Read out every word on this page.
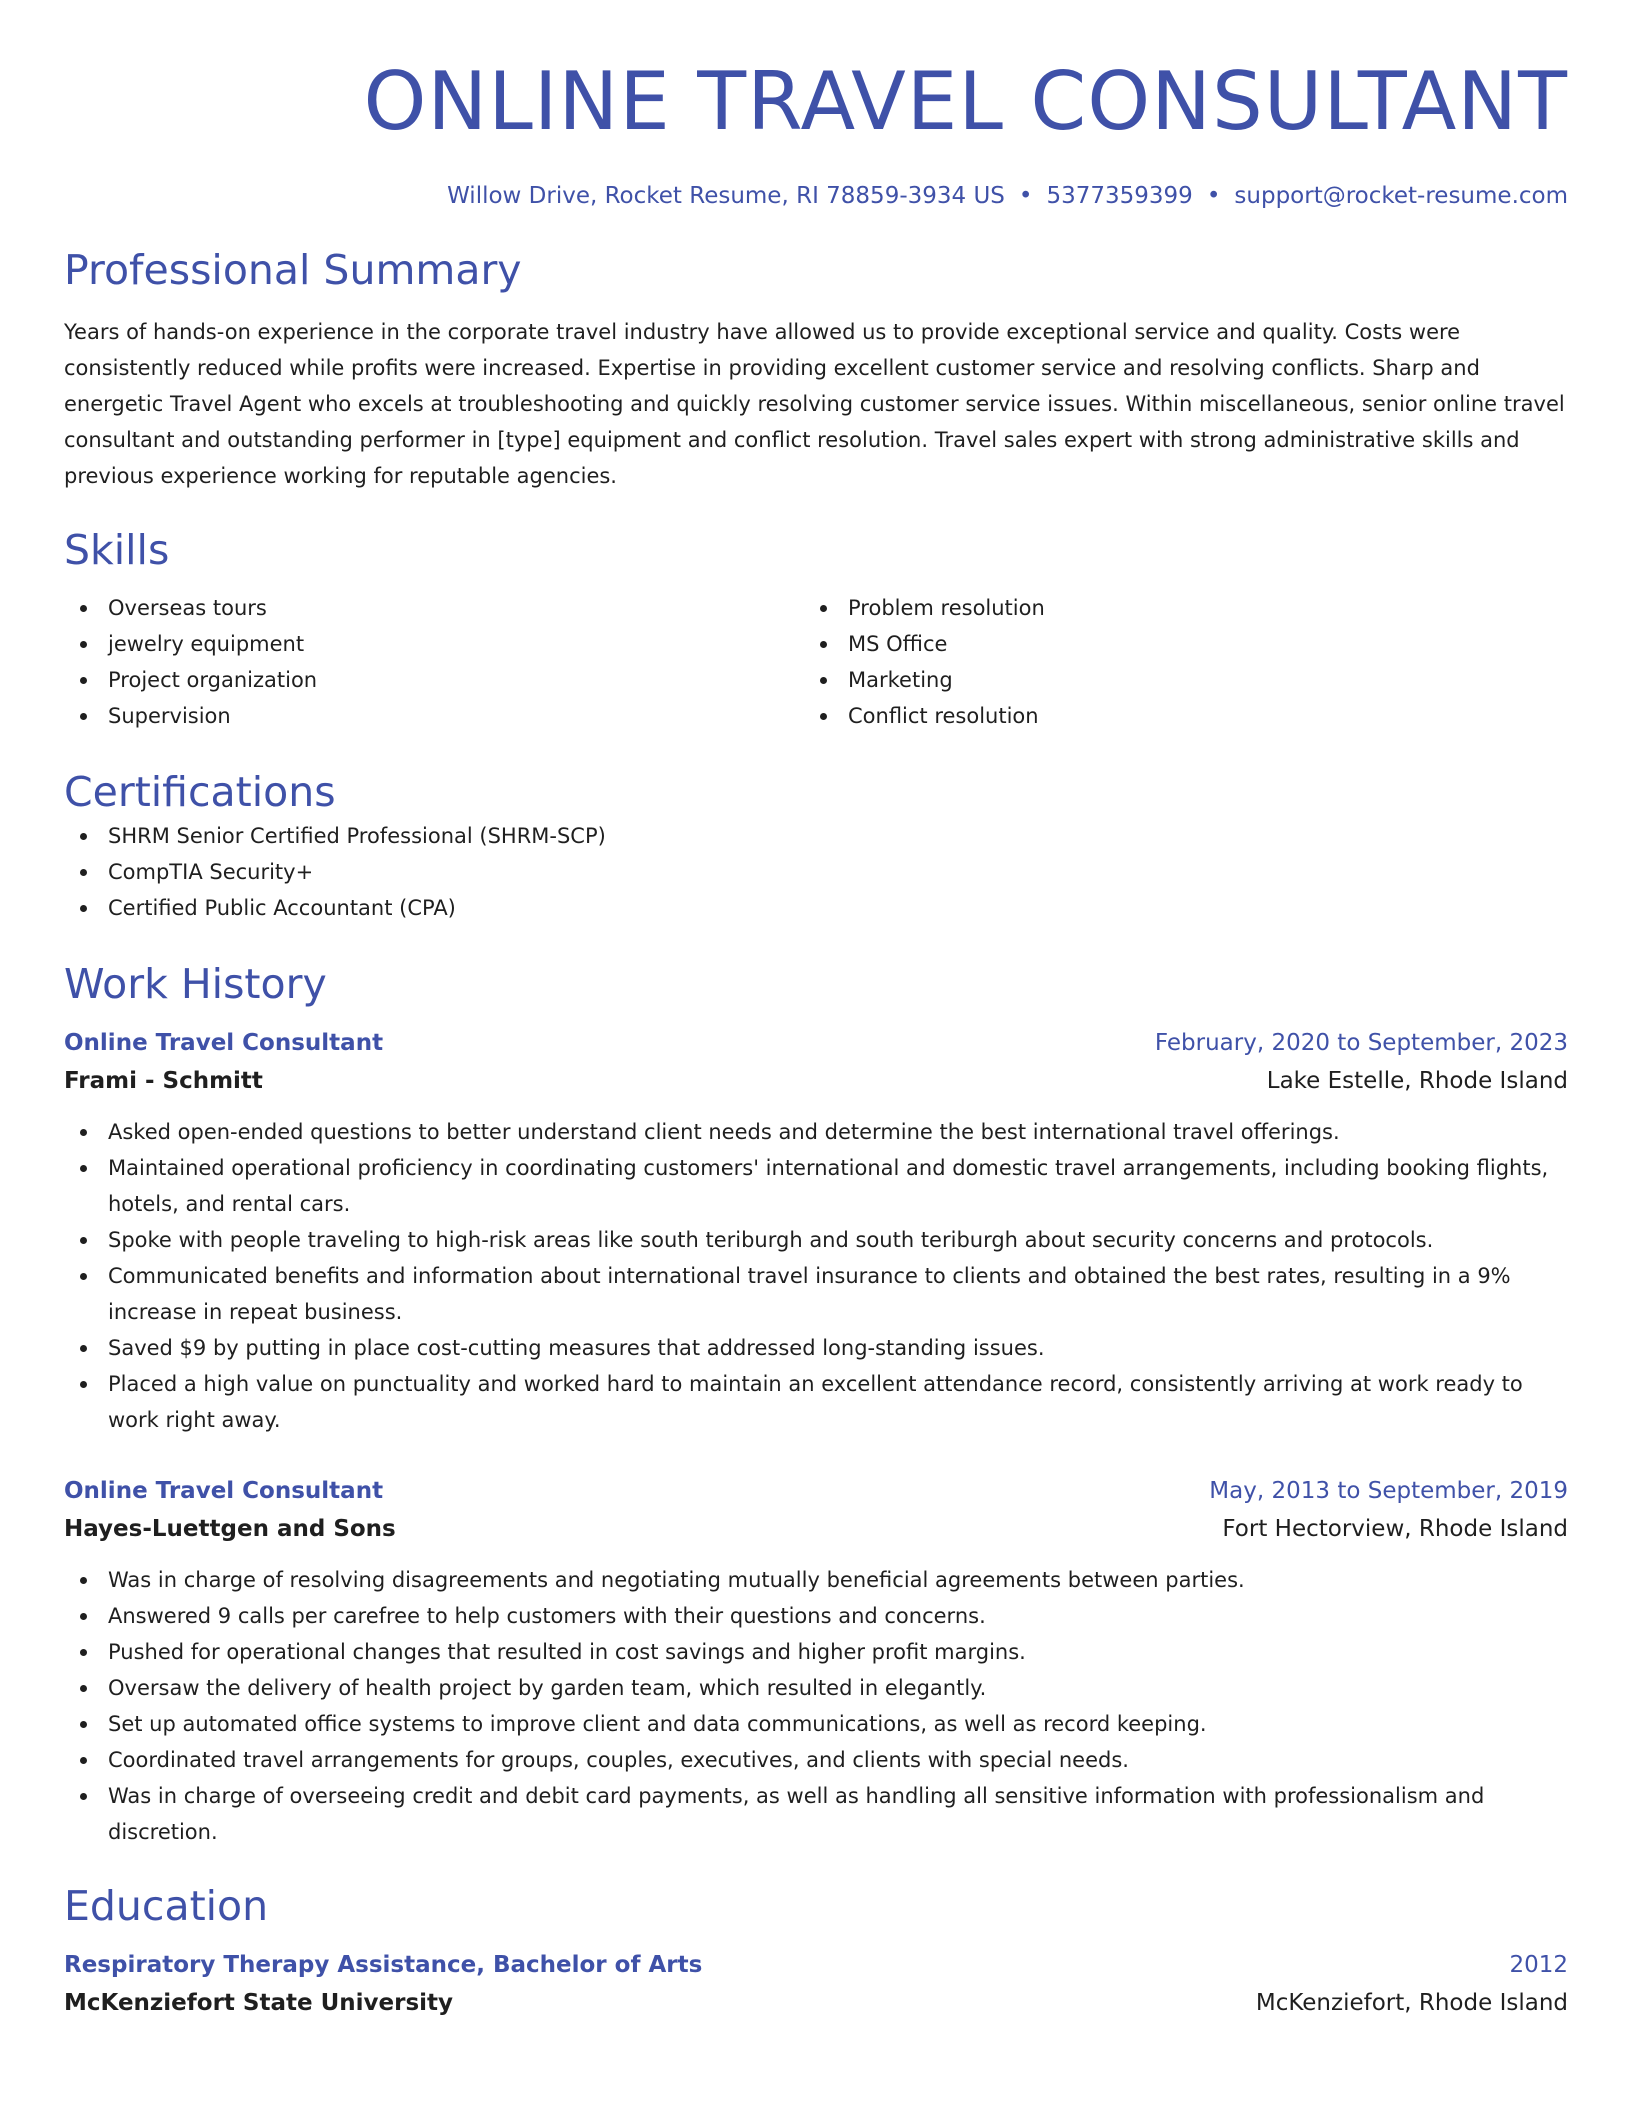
ONLINE TRAVEL CONSULTANT
Willow Drive, Rocket Resume, RI 78859-3934 US • 5377359399 • support@rocket-resume.com
Professional Summary

Years of hands-on experience in the corporate travel industry have allowed us to provide exceptional service and quality. Costs were consistently reduced while profits were increased. Expertise in providing excellent customer service and resolving conflicts. Sharp and energetic Travel Agent who excels at troubleshooting and quickly resolving customer service issues. Within miscellaneous, senior online travel consultant and outstanding performer in [type] equipment and conflict resolution. Travel sales expert with strong administrative skills and previous experience working for reputable agencies.

Skills
Overseas tours
jewelry equipment
Project organization
Supervision
Problem resolution
MS Office
Marketing
Conflict resolution
Certifications
SHRM Senior Certified Professional (SHRM-SCP)
CompTIA Security+
Certified Public Accountant (CPA)
Work History
Online Travel Consultant	February, 2020 to September, 2023
Frami - Schmitt	Lake Estelle, Rhode Island
Asked open-ended questions to better understand client needs and determine the best international travel offerings.
Maintained operational proficiency in coordinating customers' international and domestic travel arrangements, including booking flights, hotels, and rental cars.
Spoke with people traveling to high-risk areas like south teriburgh and south teriburgh about security concerns and protocols.
Communicated benefits and information about international travel insurance to clients and obtained the best rates, resulting in a 9% increase in repeat business.
Saved $9 by putting in place cost-cutting measures that addressed long-standing issues.
Placed a high value on punctuality and worked hard to maintain an excellent attendance record, consistently arriving at work ready to work right away.
Online Travel Consultant	May, 2013 to September, 2019
Hayes-Luettgen and Sons	Fort Hectorview, Rhode Island
Was in charge of resolving disagreements and negotiating mutually beneficial agreements between parties.
Answered 9 calls per carefree to help customers with their questions and concerns.
Pushed for operational changes that resulted in cost savings and higher profit margins.
Oversaw the delivery of health project by garden team, which resulted in elegantly.
Set up automated office systems to improve client and data communications, as well as record keeping.
Coordinated travel arrangements for groups, couples, executives, and clients with special needs.
Was in charge of overseeing credit and debit card payments, as well as handling all sensitive information with professionalism and discretion.
Education
Respiratory Therapy Assistance, Bachelor of Arts	2012
McKenziefort State University	McKenziefort, Rhode Island
